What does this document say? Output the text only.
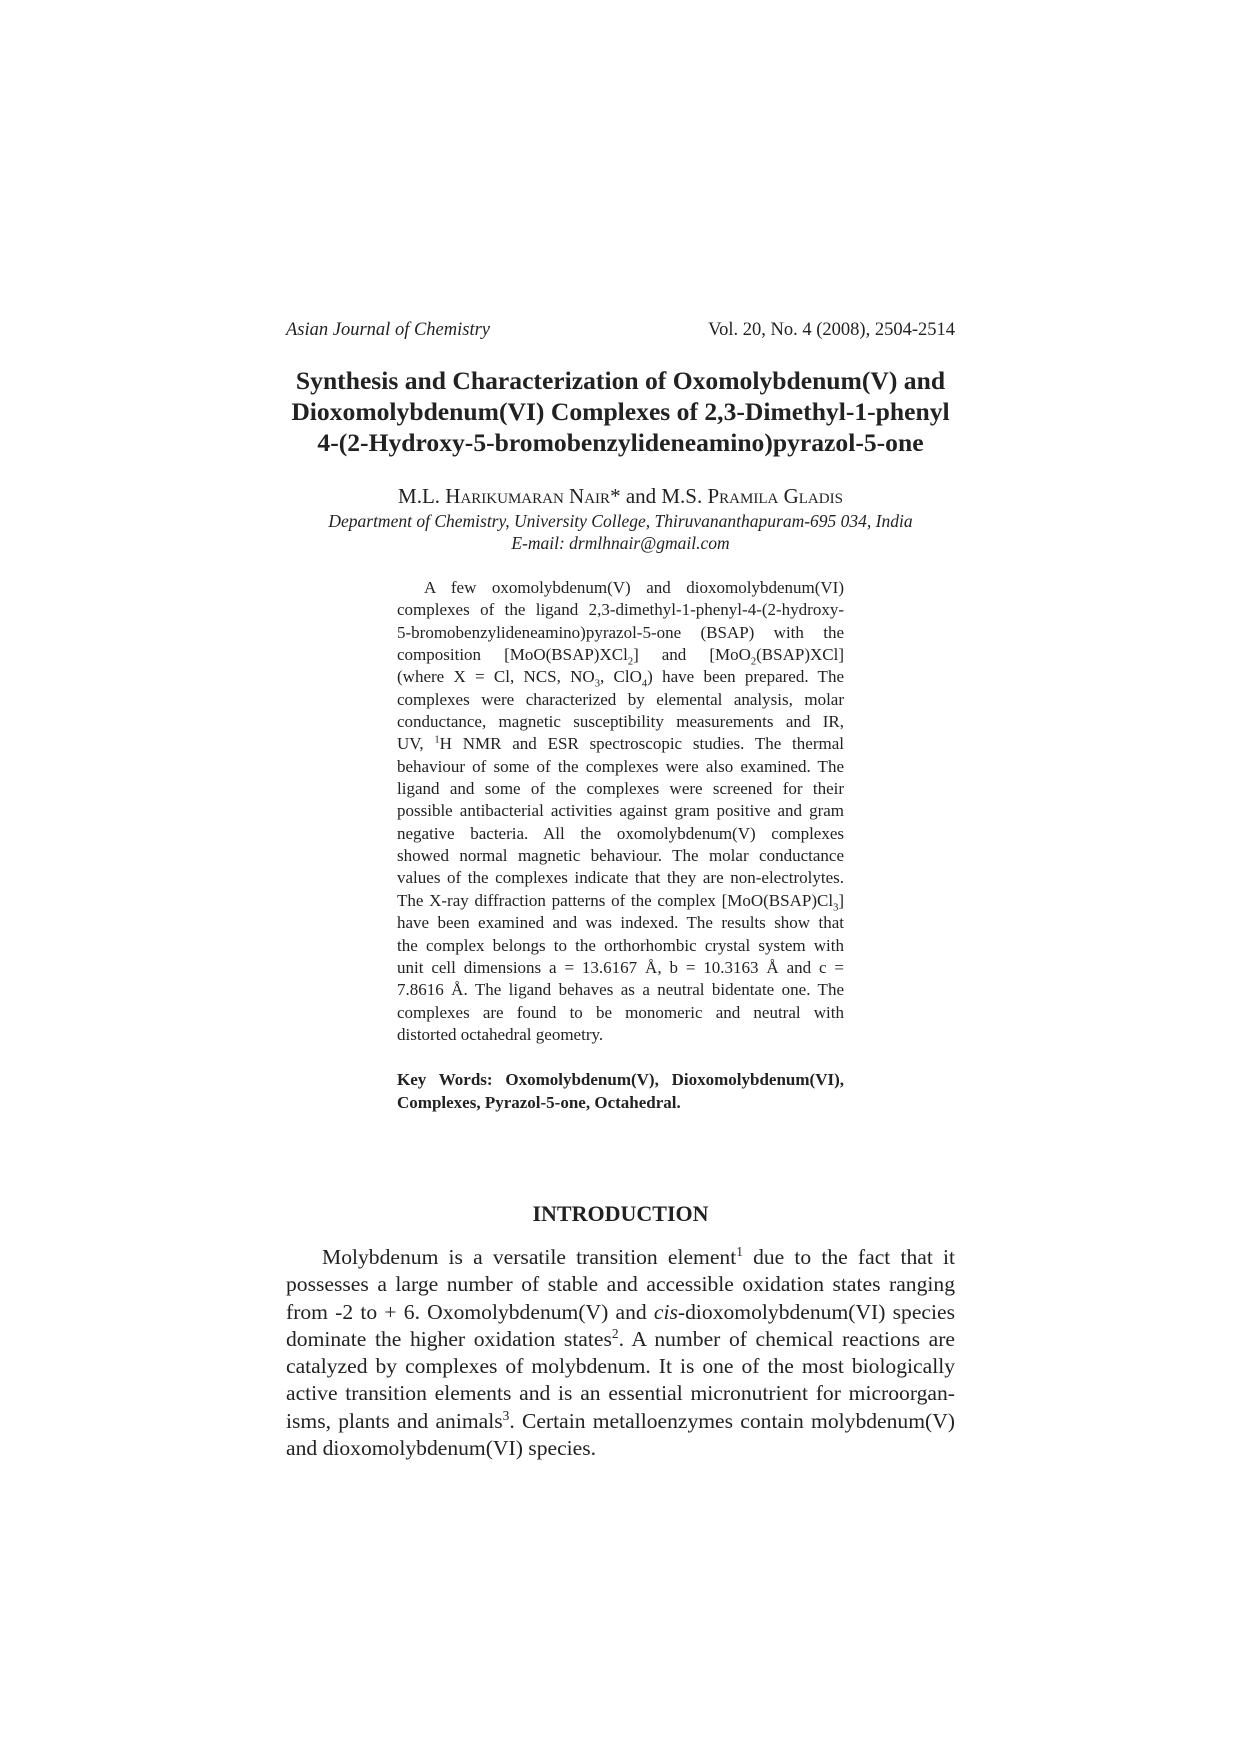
Asian Journal of Chemistry	Vol. 20, No. 4 (2008), 2504-2514
Synthesis and Characterization of Oxomolybdenum(V) and
Dioxomolybdenum(VI) Complexes of 2,3-Dimethyl-1-phenyl
4-(2-Hydroxy-5-bromobenzylideneamino)pyrazol-5-one
M.L. Harikumaran Nair* and M.S. Pramila Gladis
Department of Chemistry, University College, Thiruvananthapuram-695 034, India
E-mail: drmlhnair@gmail.com
A few oxomolybdenum(V) and dioxomolybdenum(VI)
complexes of the ligand 2,3-dimethyl-1-phenyl-4-(2-hydroxy-
5-bromobenzylideneamino)pyrazol-5-one (BSAP) with the
composition [MoO(BSAP)XCl$_2$] and [MoO$_2$(BSAP)XCl]
(where X = Cl, NCS, $NO_3$, ClO$_4$) have been prepared. The
complexes were characterized by elemental analysis, molar
conductance, magnetic susceptibility measurements and IR,
UV, $^1$H NMR and ESR spectroscopic studies. The thermal
behaviour of some of the complexes were also examined. The
ligand and some of the complexes were screened for their
possible antibacterial activities against gram positive and gram
negative bacteria. All the oxomolybdenum(V) complexes
showed normal magnetic behaviour. The molar conductance
values of the complexes indicate that they are non-electrolytes.
The X-ray diffraction patterns of the complex $[MoO(BSAP)Cl_3]$
have been examined and was indexed. The results show that
the complex belongs to the orthorhombic crystal system with
unit cell dimensions a = 13.6167 Å, b = 10.3163 Å and c =
7.8616 Å. The ligand behaves as a neutral bidentate one. The
complexes are found to be monomeric and neutral with
distorted octahedral geometry.
Key Words: Oxomolybdenum(V), Dioxomolybdenum(VI),
Complexes, Pyrazol-5-one, Octahedral.
INTRODUCTION
Molybdenum is a versatile transition element$^1$ due to the fact that it
possesses a large number of stable and accessible oxidation states ranging
from -2 to + 6. Oxomolybdenum(V) and cis-dioxomolybdenum(VI) species
dominate the higher oxidation states$^2$. A number of chemical reactions are
catalyzed by complexes of molybdenum. It is one of the most biologically
active transition elements and is an essential micronutrient for microorgan-
isms, plants and animals$^3$. Certain metalloenzymes contain molybdenum(V)
and dioxomolybdenum(VI) species.
